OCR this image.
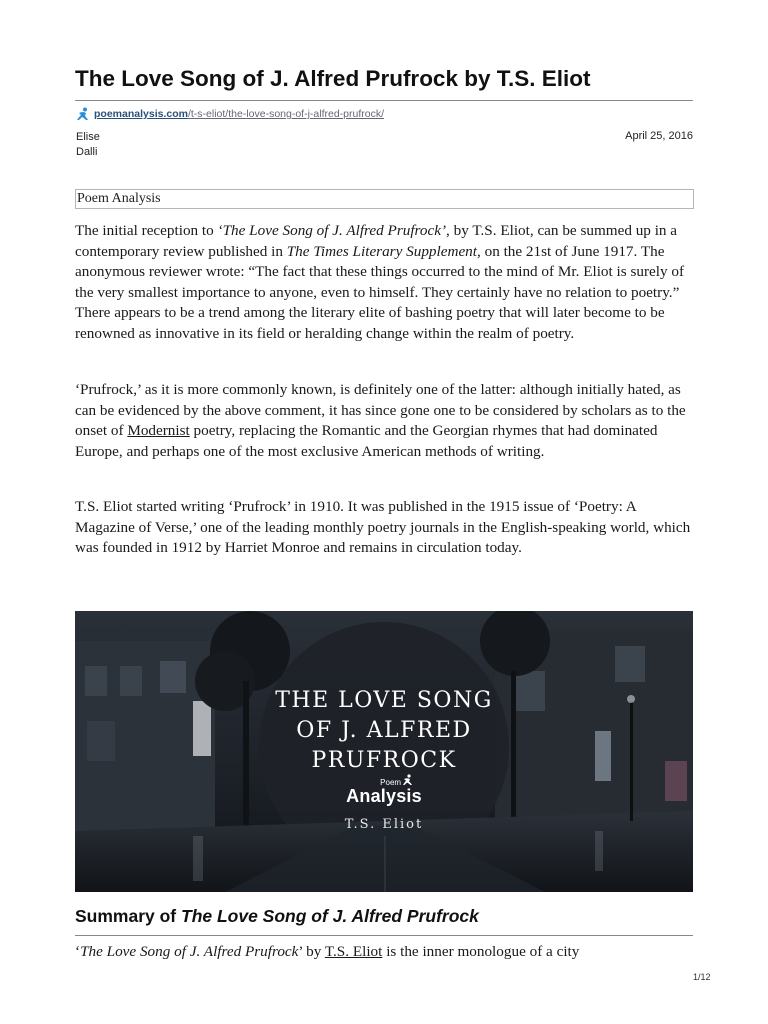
The Love Song of J. Alfred Prufrock by T.S. Eliot
poemanalysis.com /t-s-eliot/the-love-song-of-j-alfred-prufrock/
Elise
Dalli
April 25, 2016
Poem Analysis

The initial reception to ‘The Love Song of J. Alfred Prufrock’, by T.S. Eliot, can be summed up in a contemporary review published in The Times Literary Supplement, on the 21st of June 1917. The anonymous reviewer wrote: “The fact that these things occurred to the mind of Mr. Eliot is surely of the very smallest importance to anyone, even to himself. They certainly have no relation to poetry.” There appears to be a trend among the literary elite of bashing poetry that will later become to be renowned as innovative in its field or heralding change within the realm of poetry.

‘Prufrock,’ as it is more commonly known, is definitely one of the latter: although initially hated, as can be evidenced by the above comment, it has since gone one to be considered by scholars as to the onset of Modernist poetry, replacing the Romantic and the Georgian rhymes that had dominated Europe, and perhaps one of the most exclusive American methods of writing.

T.S. Eliot started writing ‘Prufrock’ in 1910. It was published in the 1915 issue of ‘Poetry: A Magazine of Verse,’ one of the leading monthly poetry journals in the English-speaking world, which was founded in 1912 by Harriet Monroe and remains in circulation today.

THE LOVE SONG
OF J. ALFRED
PRUFROCK
Poem
Analysis
T.S. Eliot
Summary of The Love Song of J. Alfred Prufrock

‘The Love Song of J. Alfred Prufrock’ by T.S. Eliot is the inner monologue of a city

1/12
